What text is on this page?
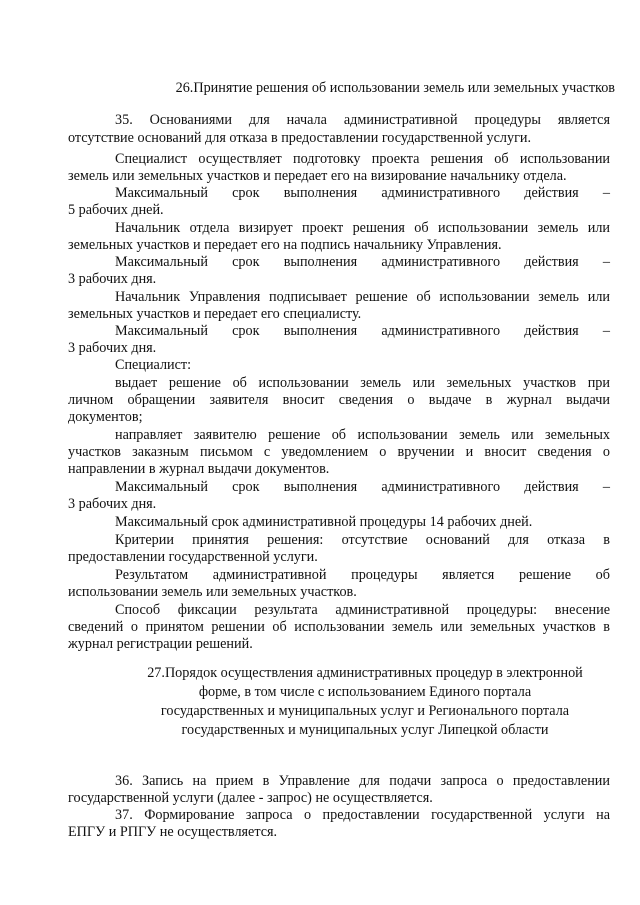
26.Принятие решения об использовании земель или земельных участков
35. Основаниями для начала административной процедуры является
отсутствие оснований для отказа в предоставлении государственной услуги.
Специалист осуществляет подготовку проекта решения об использовании
земель или земельных участков и передает его на визирование начальнику отдела.
Максимальный срок выполнения административного действия –
5 рабочих дней.
Начальник отдела визирует проект решения об использовании земель или
земельных участков и передает его на подпись начальнику Управления.
Максимальный срок выполнения административного действия –
3 рабочих дня.
Начальник Управления подписывает решение об использовании земель или
земельных участков и передает его специалисту.
Максимальный срок выполнения административного действия –
3 рабочих дня.
Специалист:
выдает решение об использовании земель или земельных участков при
личном обращении заявителя вносит сведения о выдаче в журнал выдачи
документов;
направляет заявителю решение об использовании земель или земельных
участков заказным письмом с уведомлением о вручении и вносит сведения о
направлении в журнал выдачи документов.
Максимальный срок выполнения административного действия –
3 рабочих дня.
Максимальный срок административной процедуры 14 рабочих дней.
Критерии принятия решения: отсутствие оснований для отказа в
предоставлении государственной услуги.
Результатом административной процедуры является решение об
использовании земель или земельных участков.
Способ фиксации результата административной процедуры: внесение
сведений о принятом решении об использовании земель или земельных участков в
журнал регистрации решений.
36. Запись на прием в Управление для подачи запроса о предоставлении
государственной услуги (далее - запрос) не осуществляется.
37. Формирование запроса о предоставлении государственной услуги на
ЕПГУ и РПГУ не осуществляется.
27.Порядок осуществления административных процедур в электронной
форме, в том числе с использованием Единого портала
государственных и муниципальных услуг и Регионального портала
государственных и муниципальных услуг Липецкой области
